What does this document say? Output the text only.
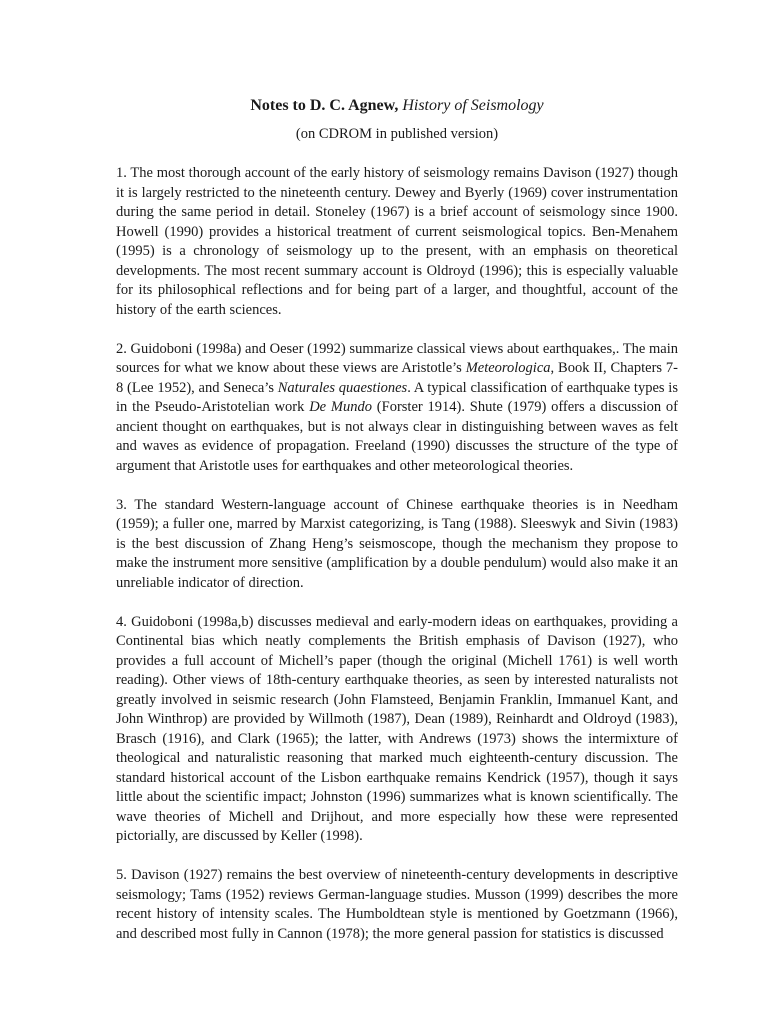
Notes to D. C. Agnew, History of Seismology

(on CDROM in published version)

1. The most thorough account of the early history of seismology remains Davison (1927) though it is largely restricted to the nineteenth century. Dewey and Byerly (1969) cover instrumentation during the same period in detail. Stoneley (1967) is a brief account of seismology since 1900. Howell (1990) provides a historical treatment of current seismological topics. Ben-Menahem (1995) is a chronology of seismology up to the present, with an emphasis on theoretical developments. The most recent summary account is Oldroyd (1996); this is especially valuable for its philosophical reflections and for being part of a larger, and thoughtful, account of the history of the earth sciences.

2. Guidoboni (1998a) and Oeser (1992) summarize classical views about earthquakes,. The main sources for what we know about these views are Aristotle’s Meteorologica, Book II, Chapters 7-8 (Lee 1952), and Seneca’s Naturales quaestiones. A typical classification of earthquake types is in the Pseudo-Aristotelian work De Mundo (Forster 1914). Shute (1979) offers a discussion of ancient thought on earthquakes, but is not always clear in distinguishing between waves as felt and waves as evidence of propagation. Freeland (1990) discusses the structure of the type of argument that Aristotle uses for earthquakes and other meteorological theories.

3. The standard Western-language account of Chinese earthquake theories is in Needham (1959); a fuller one, marred by Marxist categorizing, is Tang (1988). Sleeswyk and Sivin (1983) is the best discussion of Zhang Heng’s seismoscope, though the mechanism they propose to make the instrument more sensitive (amplification by a double pendulum) would also make it an unreliable indicator of direction.

4. Guidoboni (1998a,b) discusses medieval and early-modern ideas on earthquakes, providing a Continental bias which neatly complements the British emphasis of Davison (1927), who provides a full account of Michell’s paper (though the original (Michell 1761) is well worth reading). Other views of 18th-century earthquake theories, as seen by interested naturalists not greatly involved in seismic research (John Flamsteed, Benjamin Franklin, Immanuel Kant, and John Winthrop) are provided by Willmoth (1987), Dean (1989), Reinhardt and Oldroyd (1983), Brasch (1916), and Clark (1965); the latter, with Andrews (1973) shows the intermixture of theological and naturalistic reasoning that marked much eighteenth-century discussion. The standard historical account of the Lisbon earthquake remains Kendrick (1957), though it says little about the scientific impact; Johnston (1996) summarizes what is known scientifically. The wave theories of Michell and Drijhout, and more especially how these were represented pictorially, are discussed by Keller (1998).

5. Davison (1927) remains the best overview of nineteenth-century developments in descriptive seismology; Tams (1952) reviews German-language studies. Musson (1999) describes the more recent history of intensity scales. The Humboldtean style is mentioned by Goetzmann (1966), and described most fully in Cannon (1978); the more general passion for statistics is discussed
